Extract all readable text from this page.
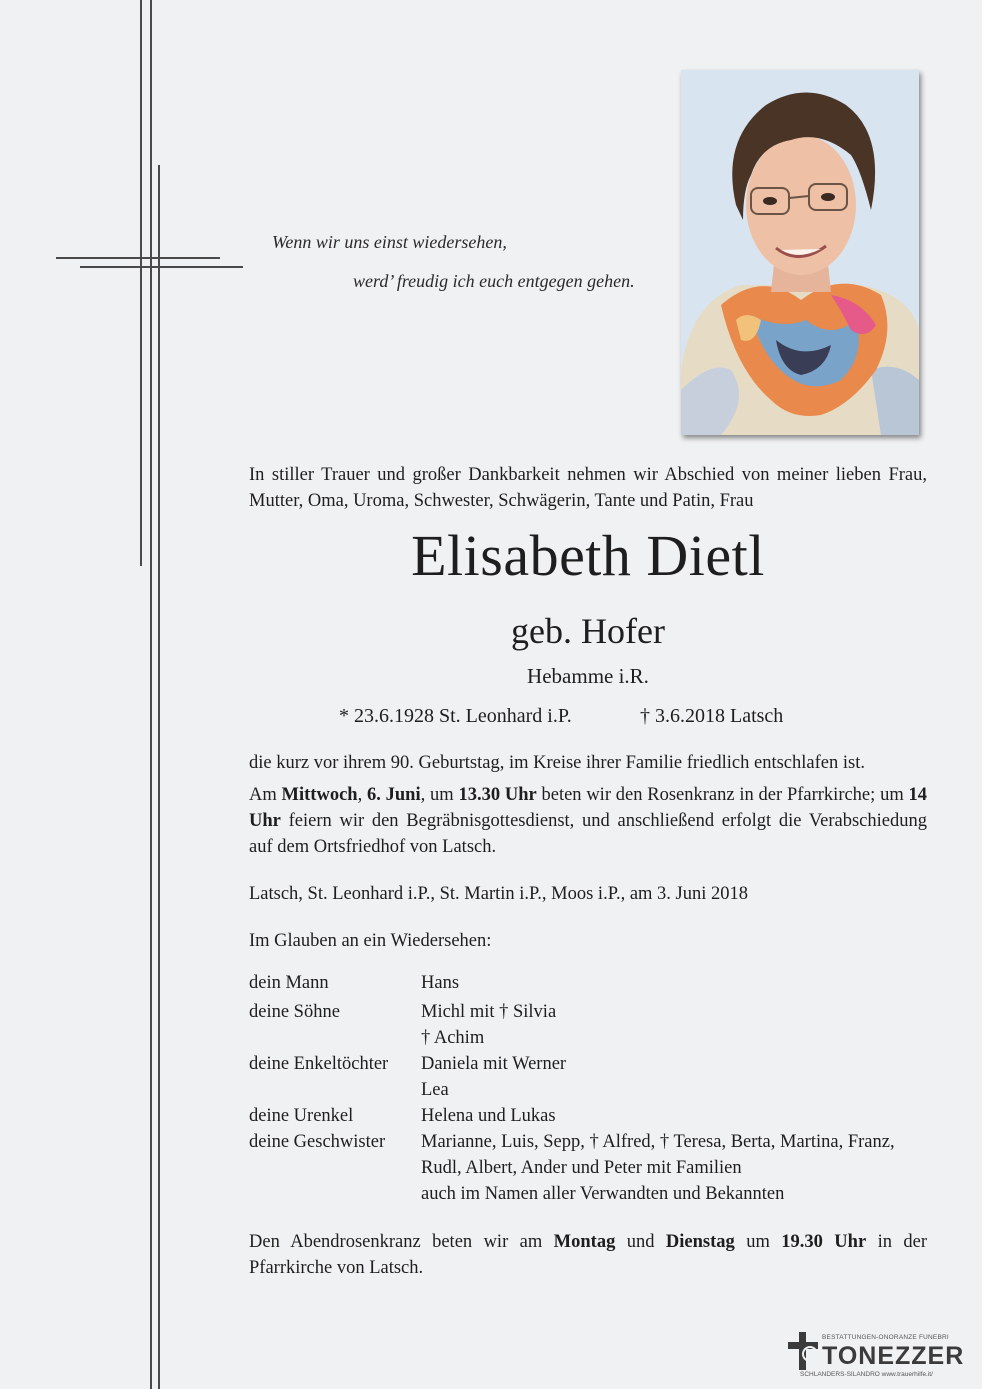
Wenn wir uns einst wiedersehen,
werd’ freudig ich euch entgegen gehen.
In stiller Trauer und großer Dankbarkeit nehmen wir Abschied von meiner lieben Frau, Mutter, Oma, Uroma, Schwester, Schwägerin, Tante und Patin, Frau
Elisabeth Dietl
geb. Hofer
Hebamme i.R.
* 23.6.1928 St. Leonhard i.P.	† 3.6.2018 Latsch
die kurz vor ihrem 90. Geburtstag, im Kreise ihrer Familie friedlich entschlafen ist.
Am Mittwoch, 6. Juni, um 13.30 Uhr beten wir den Rosenkranz in der Pfarrkirche; um 14 Uhr feiern wir den Begräbnisgottesdienst, und anschließend erfolgt die Verabschiedung auf dem Ortsfriedhof von Latsch.
Latsch, St. Leonhard i.P., St. Martin i.P., Moos i.P., am 3. Juni 2018
Im Glauben an ein Wiedersehen:
dein Mann	Hans
deine Söhne	Michl mit † Silvia
† Achim
deine Enkeltöchter	Daniela mit Werner
Lea
deine Urenkel	Helena und Lukas
deine Geschwister	Marianne, Luis, Sepp, † Alfred, † Teresa, Berta, Martina, Franz,
Rudl, Albert, Ander und Peter mit Familien
auch im Namen aller Verwandten und Bekannten
Den Abendrosenkranz beten wir am Montag und Dienstag um 19.30 Uhr in der Pfarrkirche von Latsch.
BESTATTUNGEN-ONORANZE FUNEBRI
TONEZZER
SCHLANDERS-SILANDRO www.trauerhilfe.it/
